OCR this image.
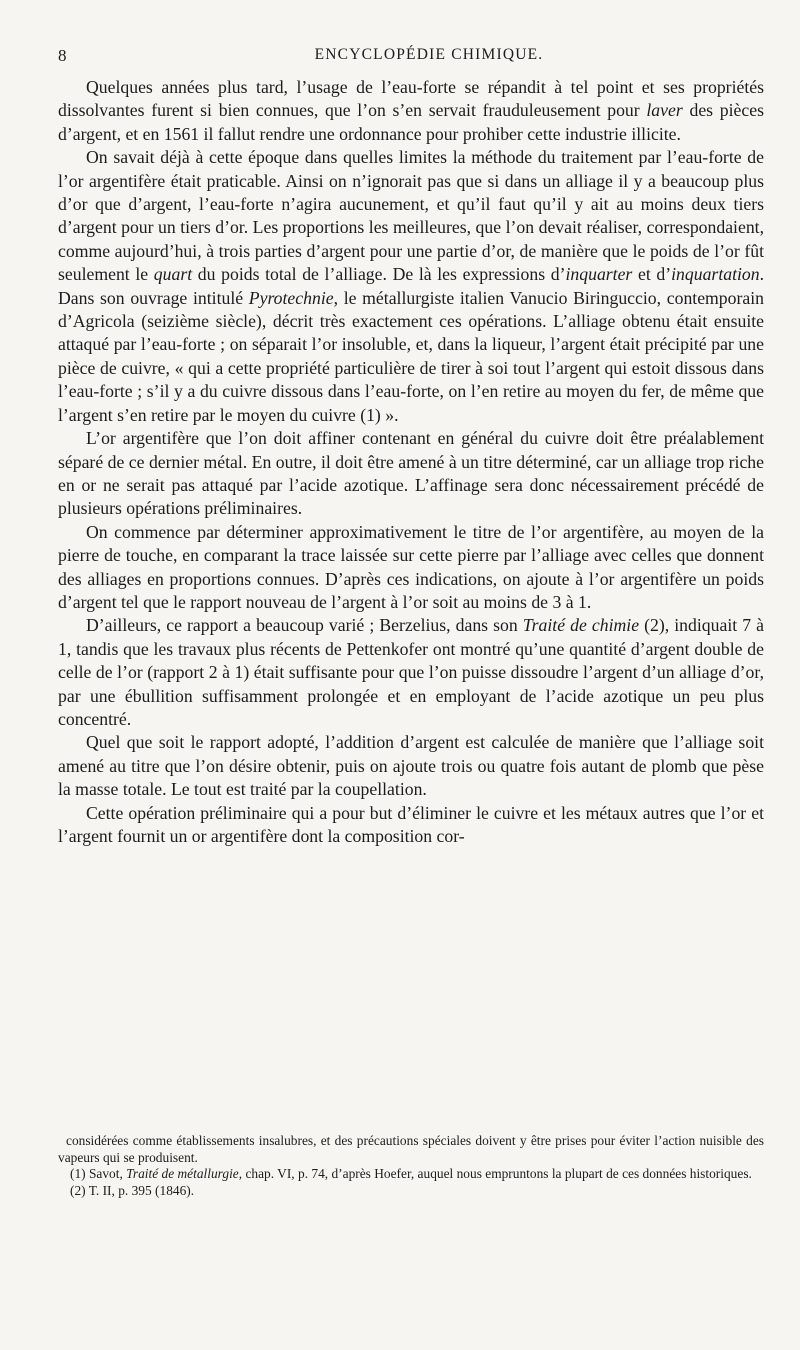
8	ENCYCLOPÉDIE CHIMIQUE.

Quelques années plus tard, l’usage de l’eau-forte se répandit à tel point et ses propriétés dissolvantes furent si bien connues, que l’on s’en servait frauduleusement pour laver des pièces d’argent, et en 1561 il fallut rendre une ordonnance pour prohiber cette industrie illicite.

On savait déjà à cette époque dans quelles limites la méthode du traitement par l’eau-forte de l’or argentifère était praticable. Ainsi on n’ignorait pas que si dans un alliage il y a beaucoup plus d’or que d’argent, l’eau-forte n’agira aucunement, et qu’il faut qu’il y ait au moins deux tiers d’argent pour un tiers d’or. Les proportions les meilleures, que l’on devait réaliser, correspondaient, comme aujourd’hui, à trois parties d’argent pour une partie d’or, de manière que le poids de l’or fût seulement le quart du poids total de l’alliage. De là les expressions d’inquarter et d’inquartation. Dans son ouvrage intitulé Pyrotechnie, le métallurgiste italien Vanucio Biringuccio, contemporain d’Agricola (seizième siècle), décrit très exactement ces opérations. L’alliage obtenu était ensuite attaqué par l’eau-forte ; on séparait l’or insoluble, et, dans la liqueur, l’argent était précipité par une pièce de cuivre, « qui a cette propriété particulière de tirer à soi tout l’argent qui estoit dissous dans l’eau-forte ; s’il y a du cuivre dissous dans l’eau-forte, on l’en retire au moyen du fer, de même que l’argent s’en retire par le moyen du cuivre (1) ».

L’or argentifère que l’on doit affiner contenant en général du cuivre doit être préalablement séparé de ce dernier métal. En outre, il doit être amené à un titre déterminé, car un alliage trop riche en or ne serait pas attaqué par l’acide azotique. L’affinage sera donc nécessairement précédé de plusieurs opérations préliminaires.

On commence par déterminer approximativement le titre de l’or argentifère, au moyen de la pierre de touche, en comparant la trace laissée sur cette pierre par l’alliage avec celles que donnent des alliages en proportions connues. D’après ces indications, on ajoute à l’or argentifère un poids d’argent tel que le rapport nouveau de l’argent à l’or soit au moins de 3 à 1.

D’ailleurs, ce rapport a beaucoup varié ; Berzelius, dans son Traité de chimie (2), indiquait 7 à 1, tandis que les travaux plus récents de Pettenkofer ont montré qu’une quantité d’argent double de celle de l’or (rapport 2 à 1) était suffisante pour que l’on puisse dissoudre l’argent d’un alliage d’or, par une ébullition suffisamment prolongée et en employant de l’acide azotique un peu plus concentré.

Quel que soit le rapport adopté, l’addition d’argent est calculée de manière que l’alliage soit amené au titre que l’on désire obtenir, puis on ajoute trois ou quatre fois autant de plomb que pèse la masse totale. Le tout est traité par la coupellation.

Cette opération préliminaire qui a pour but d’éliminer le cuivre et les métaux autres que l’or et l’argent fournit un or argentifère dont la composition cor-

considérées comme établissements insalubres, et des précautions spéciales doivent y être prises pour éviter l’action nuisible des vapeurs qui se produisent.

(1) Savot, Traité de métallurgie, chap. VI, p. 74, d’après Hoefer, auquel nous empruntons la plupart de ces données historiques.

(2) T. II, p. 395 (1846).
